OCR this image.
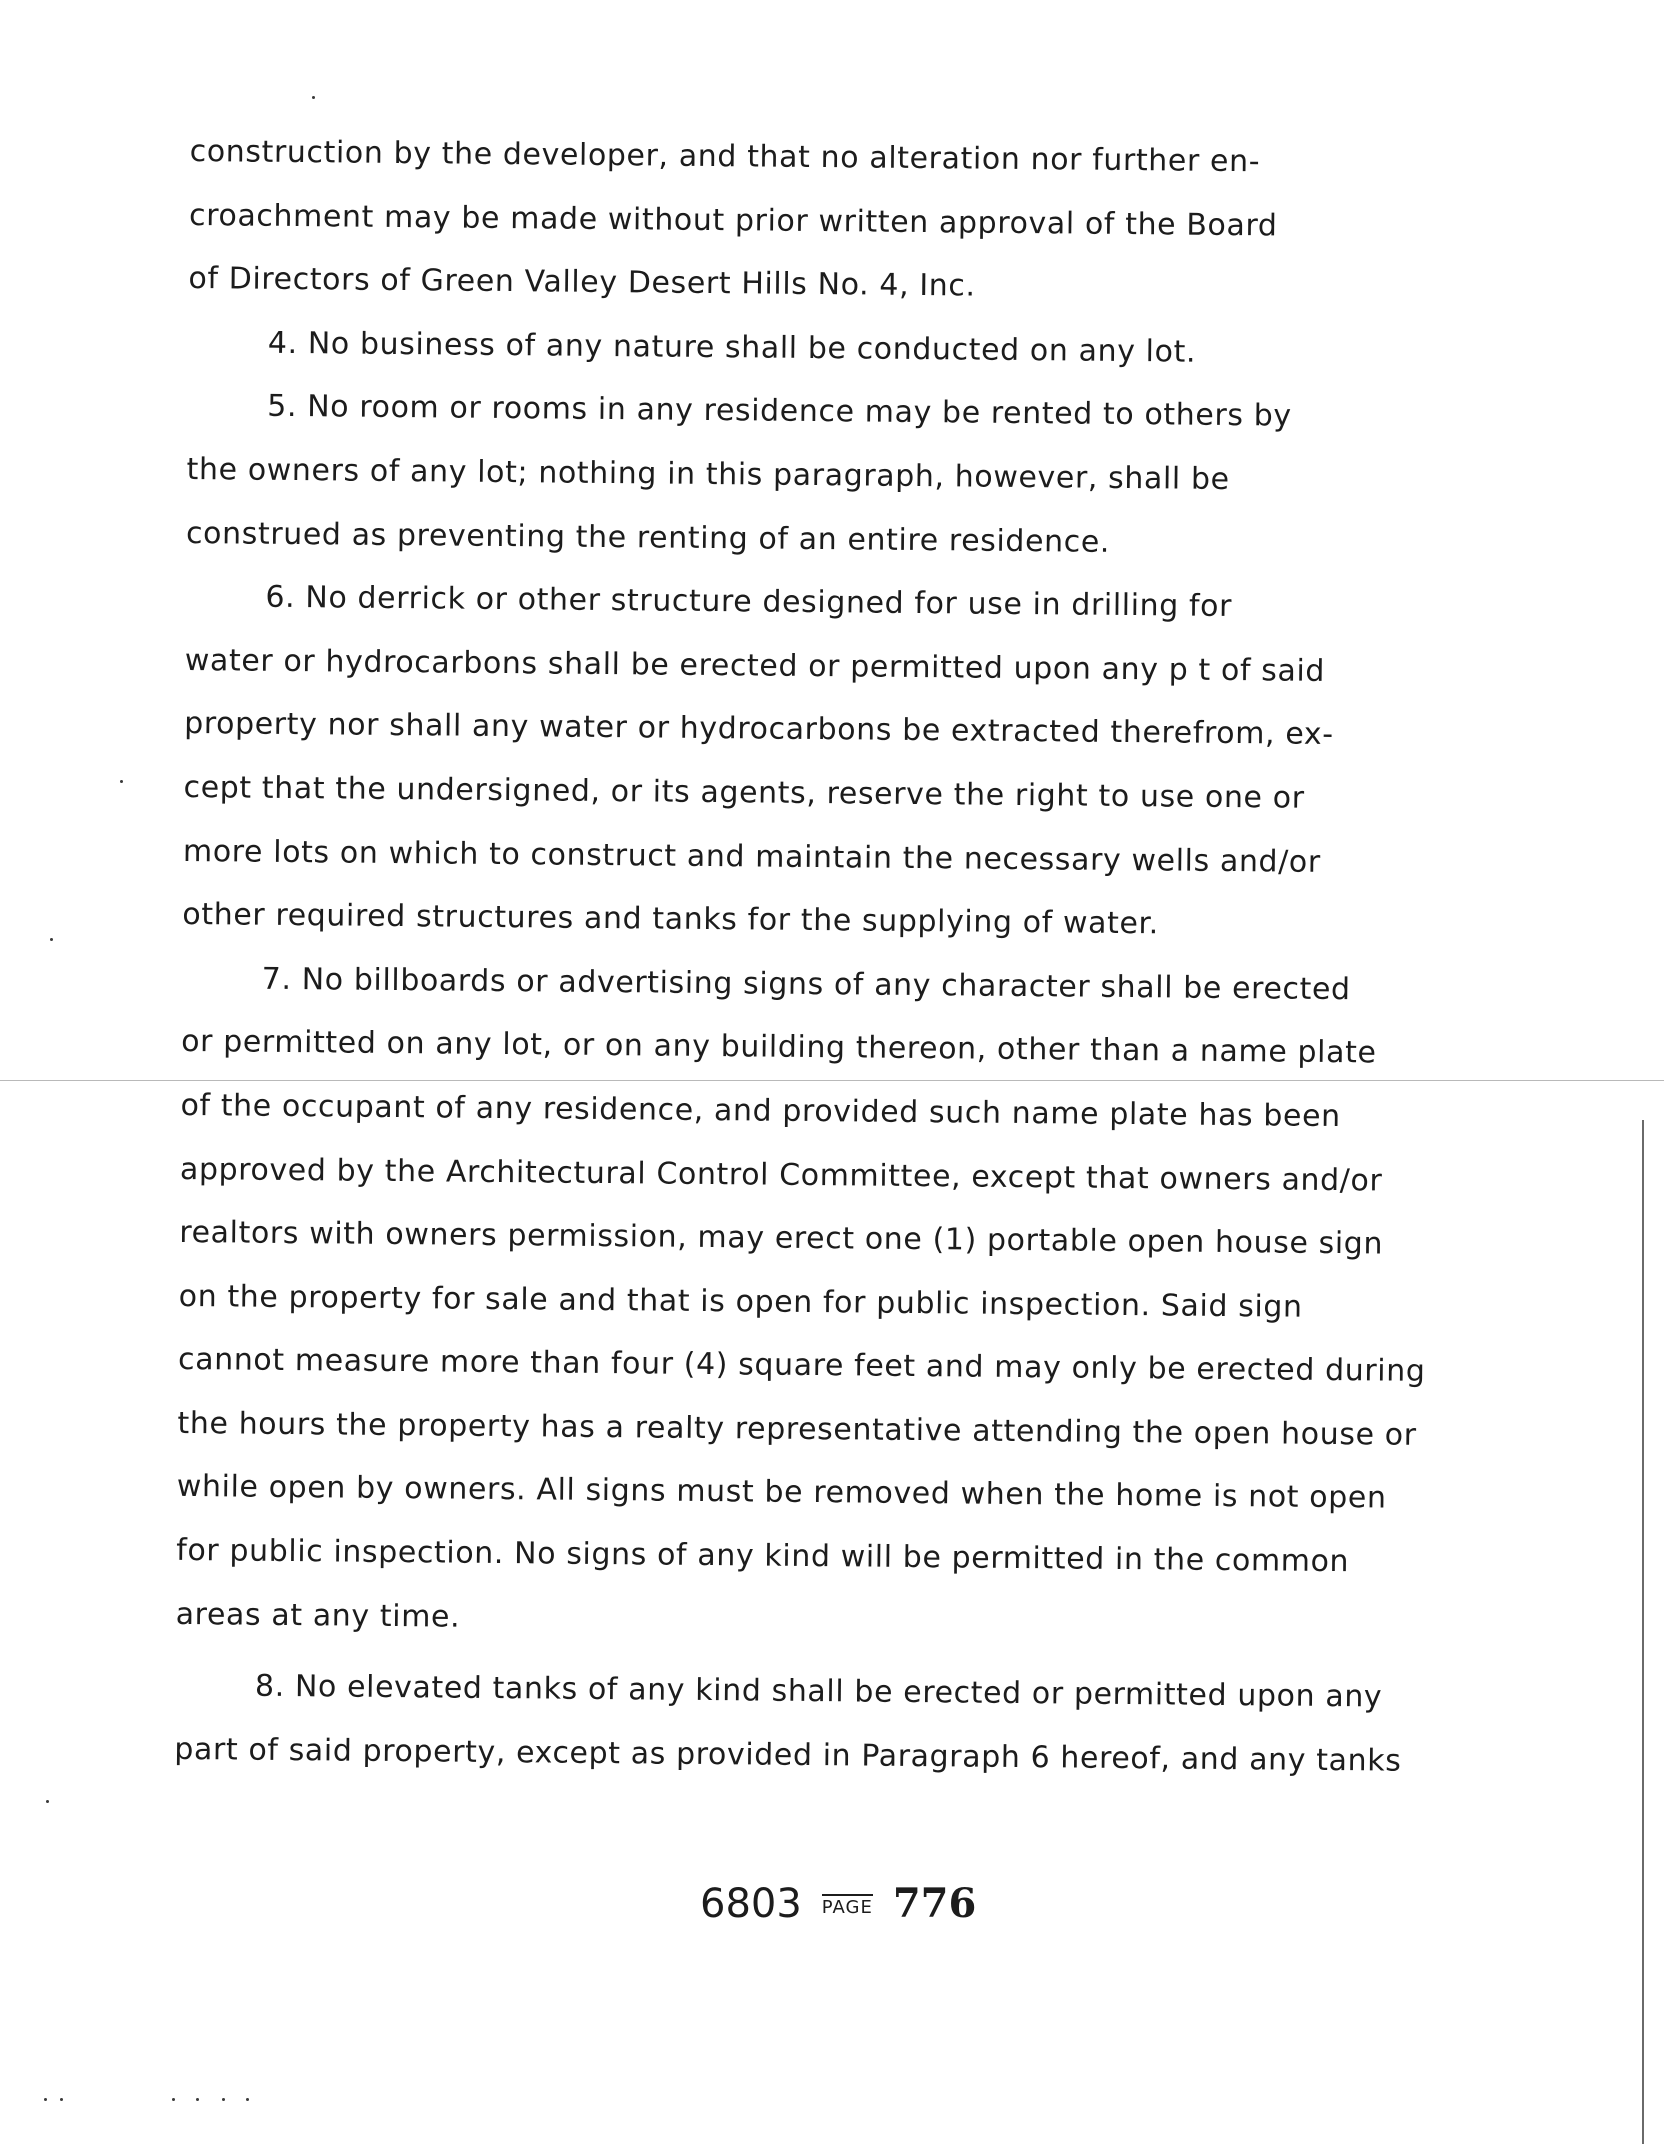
construction by the developer, and that no alteration nor further en-
croachment may be made without prior written approval of the Board
of Directors of Green Valley Desert Hills No. 4, Inc.
4. No business of any nature shall be conducted on any lot.
5. No room or rooms in any residence may be rented to others by
the owners of any lot; nothing in this paragraph, however, shall be
construed as preventing the renting of an entire residence.
6. No derrick or other structure designed for use in drilling for
water or hydrocarbons shall be erected or permitted upon any p t of said
property nor shall any water or hydrocarbons be extracted therefrom, ex-
cept that the undersigned, or its agents, reserve the right to use one or
more lots on which to construct and maintain the necessary wells and/or
other required structures and tanks for the supplying of water.
7. No billboards or advertising signs of any character shall be erected
or permitted on any lot, or on any building thereon, other than a name plate
of the occupant of any residence, and provided such name plate has been
approved by the Architectural Control Committee, except that owners and/or
realtors with owners permission, may erect one (1) portable open house sign
on the property for sale and that is open for public inspection. Said sign
cannot measure more than four (4) square feet and may only be erected during
the hours the property has a realty representative attending the open house or
while open by owners. All signs must be removed when the home is not open
for public inspection. No signs of any kind will be permitted in the common
areas at any time.
8. No elevated tanks of any kind shall be erected or permitted upon any
part of said property, except as provided in Paragraph 6 hereof, and any tanks
6803 PAGE 776
